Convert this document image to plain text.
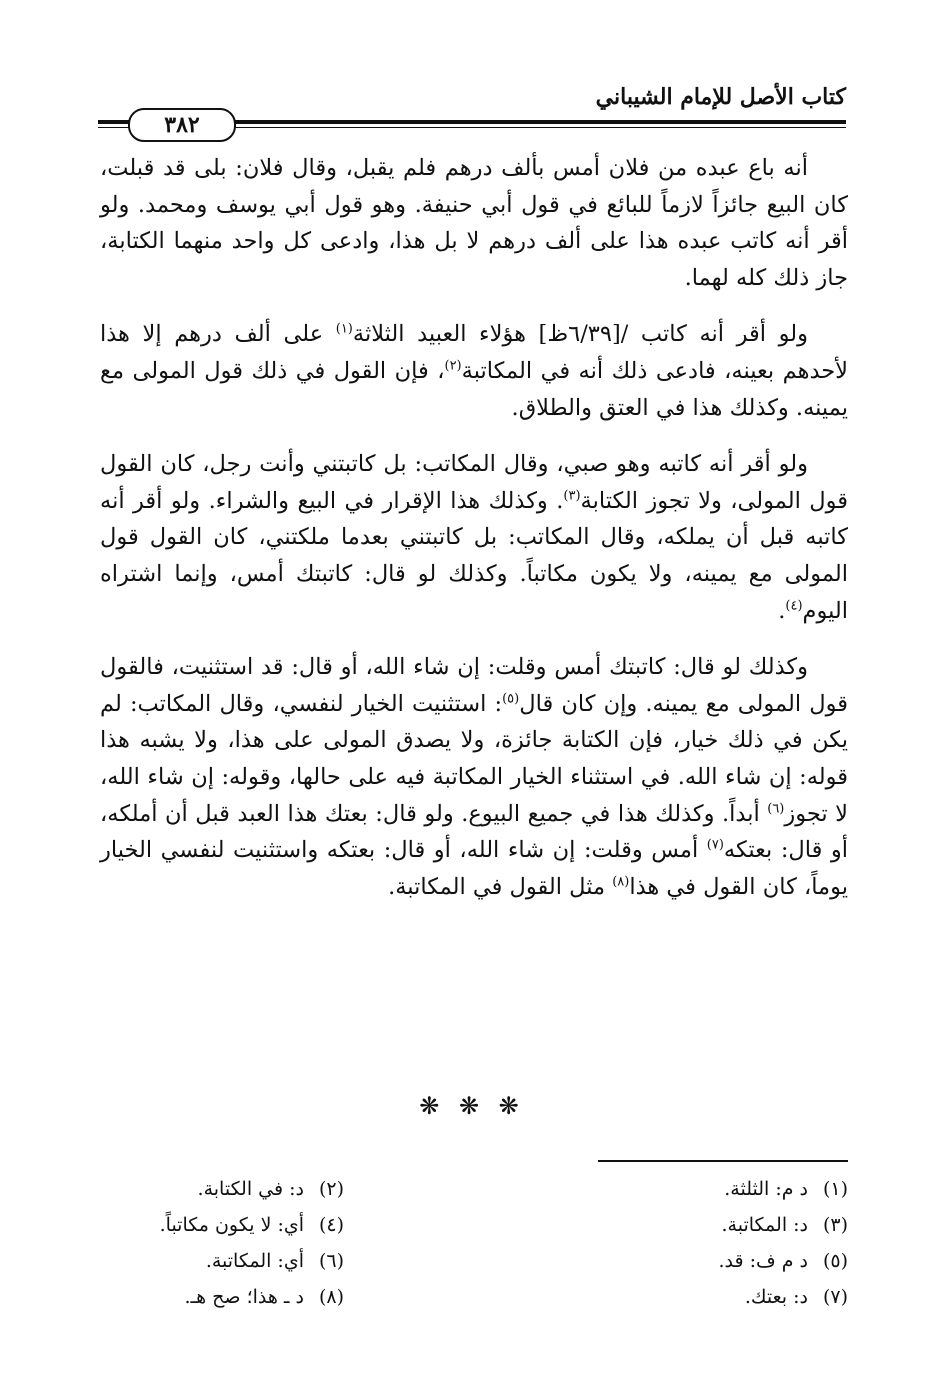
كتاب الأصل للإمام الشيباني
٣٨٢

أنه باع عبده من فلان أمس بألف درهم فلم يقبل، وقال فلان: بلى قد قبلت، كان البيع جائزاً لازماً للبائع في قول أبي حنيفة. وهو قول أبي يوسف ومحمد. ولو أقر أنه كاتب عبده هذا على ألف درهم لا بل هذا، وادعى كل واحد منهما الكتابة، جاز ذلك كله لهما.

ولو أقر أنه كاتب /[٦/٣٩ظ] هؤلاء العبيد الثلاثة$^{(١)}$ على ألف درهم إلا هذا لأحدهم بعينه، فادعى ذلك أنه في المكاتبة$^{(٢)}$، فإن القول في ذلك قول المولى مع يمينه. وكذلك هذا في العتق والطلاق.

ولو أقر أنه كاتبه وهو صبي، وقال المكاتب: بل كاتبتني وأنت رجل، كان القول قول المولى، ولا تجوز الكتابة$^{(٣)}$. وكذلك هذا الإقرار في البيع والشراء. ولو أقر أنه كاتبه قبل أن يملكه، وقال المكاتب: بل كاتبتني بعدما ملكتني، كان القول قول المولى مع يمينه، ولا يكون مكاتباً. وكذلك لو قال: كاتبتك أمس، وإنما اشتراه اليوم$^{(٤)}$.

وكذلك لو قال: كاتبتك أمس وقلت: إن شاء الله، أو قال: قد استثنيت، فالقول قول المولى مع يمينه. وإن كان قال$^{(٥)}$: استثنيت الخيار لنفسي، وقال المكاتب: لم يكن في ذلك خيار، فإن الكتابة جائزة، ولا يصدق المولى على هذا، ولا يشبه هذا قوله: إن شاء الله. في استثناء الخيار المكاتبة فيه على حالها، وقوله: إن شاء الله، لا تجوز$^{(٦)}$ أبداً. وكذلك هذا في جميع البيوع. ولو قال: بعتك هذا العبد قبل أن أملكه، أو قال: بعتكه$^{(٧)}$ أمس وقلت: إن شاء الله، أو قال: بعتكه واستثنيت لنفسي الخيار يوماً، كان القول في هذا$^{(٨)}$ مثل القول في المكاتبة.

❋ ❋ ❋
(١)د م: الثلثة.
(٢)د: في الكتابة.
(٣)د: المكاتبة.
(٤)أي: لا يكون مكاتباً.
(٥)د م ف: قد.
(٦)أي: المكاتبة.
(٧)د: بعتك.
(٨)د ـ هذا؛ صح هـ.
